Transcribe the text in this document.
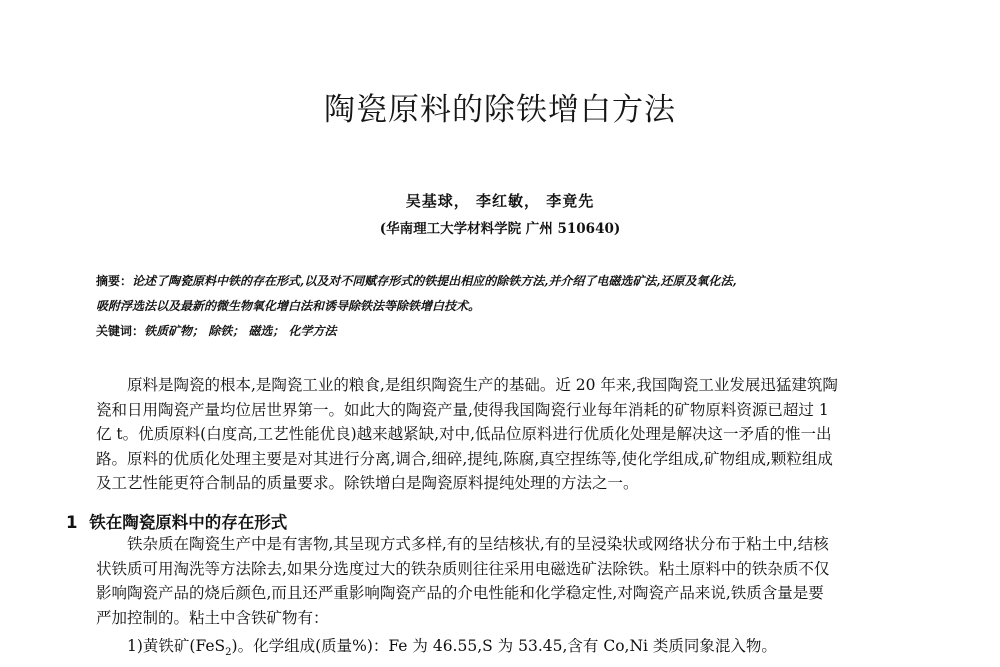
陶瓷原料的除铁增白方法
吴基球， 李红敏， 李竟先
(华南理工大学材料学院 广州 510640)
摘要：论述了陶瓷原料中铁的存在形式,以及对不同赋存形式的铁提出相应的除铁方法,并介绍了电磁选矿法,还原及氧化法,
吸附浮选法以及最新的微生物氧化增白法和诱导除铁法等除铁增白技术。
关键词：铁质矿物； 除铁； 磁选； 化学方法
原料是陶瓷的根本,是陶瓷工业的粮食,是组织陶瓷生产的基础。近 20 年来,我国陶瓷工业发展迅猛建筑陶
瓷和日用陶瓷产量均位居世界第一。如此大的陶瓷产量,使得我国陶瓷行业每年消耗的矿物原料资源已超过 1
亿 t。优质原料(白度高,工艺性能优良)越来越紧缺,对中,低品位原料进行优质化处理是解决这一矛盾的惟一出
路。原料的优质化处理主要是对其进行分离,调合,细碎,提纯,陈腐,真空捏练等,使化学组成,矿物组成,颗粒组成
及工艺性能更符合制品的质量要求。除铁增白是陶瓷原料提纯处理的方法之一。
1 铁在陶瓷原料中的存在形式
铁杂质在陶瓷生产中是有害物,其呈现方式多样,有的呈结核状,有的呈浸染状或网络状分布于粘土中,结核
状铁质可用淘洗等方法除去,如果分选度过大的铁杂质则往往采用电磁选矿法除铁。粘土原料中的铁杂质不仅
影响陶瓷产品的烧后颜色,而且还严重影响陶瓷产品的介电性能和化学稳定性,对陶瓷产品来说,铁质含量是要
严加控制的。粘土中含铁矿物有：
1)黄铁矿(FeS$_2$)。化学组成(质量%)：Fe 为 46.55,S 为 53.45,含有 Co,Ni 类质同象混入物。
